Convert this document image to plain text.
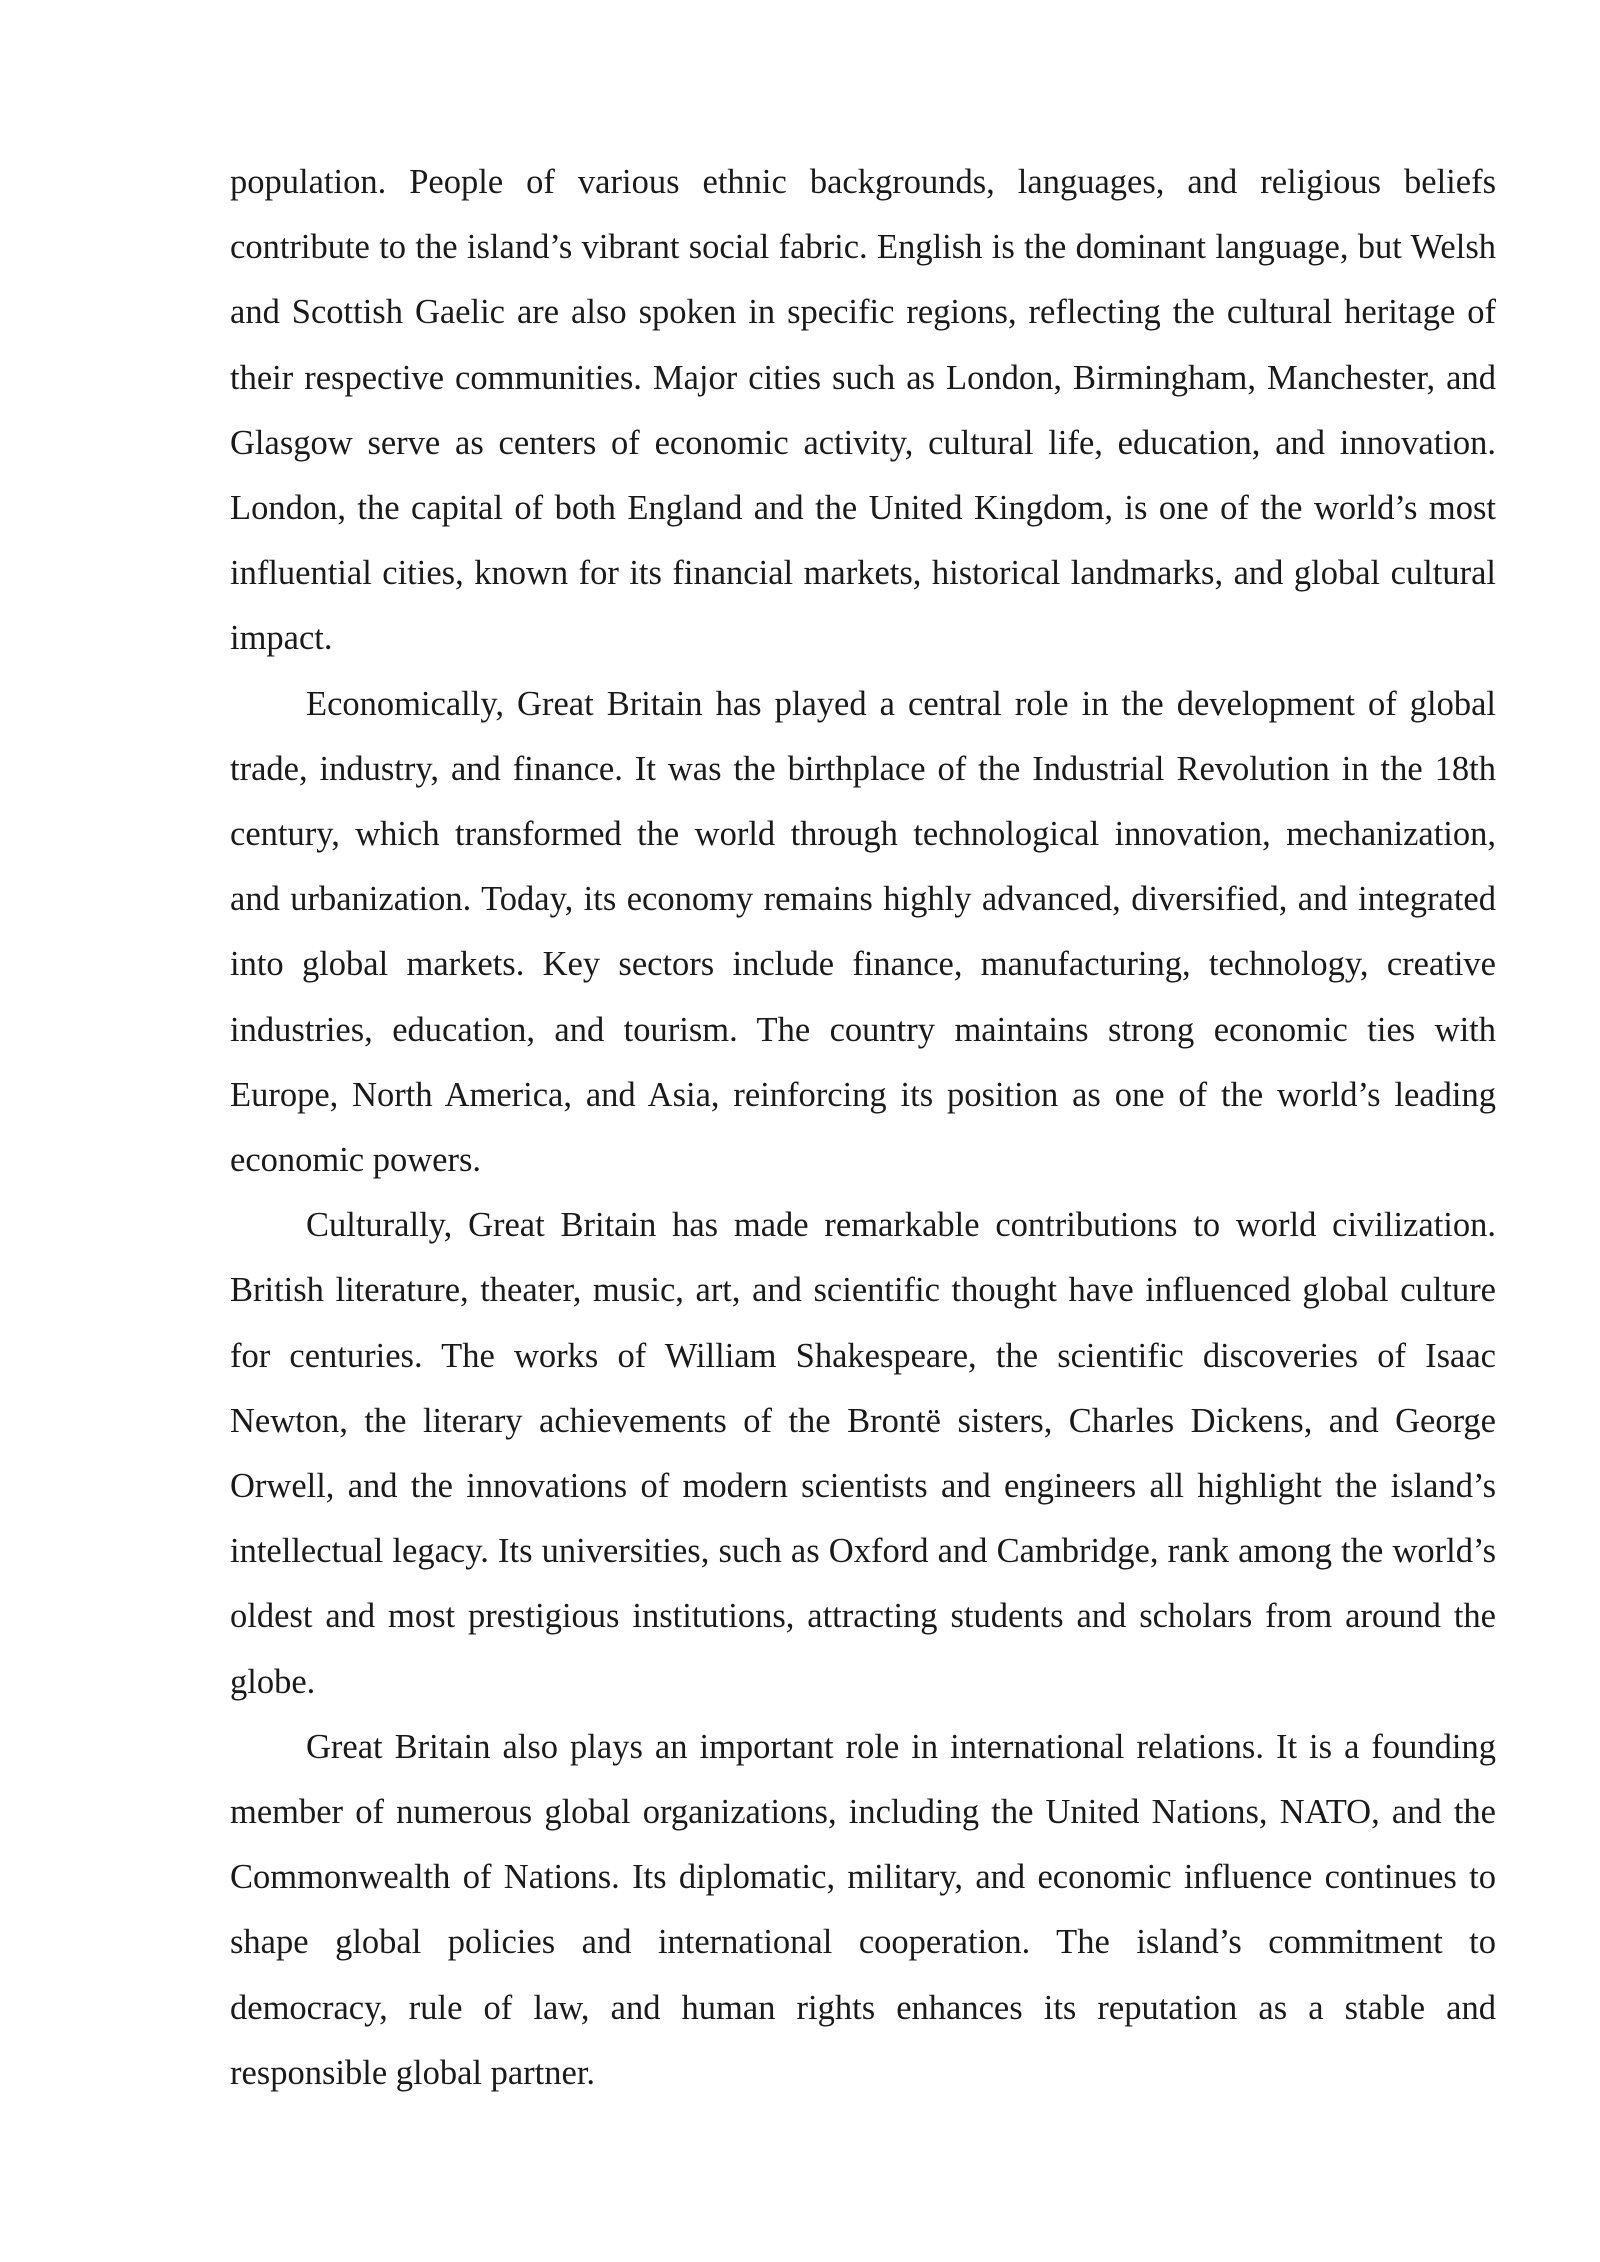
population. People of various ethnic backgrounds, languages, and religious beliefs contribute to the island’s vibrant social fabric. English is the dominant language, but Welsh and Scottish Gaelic are also spoken in specific regions, reflecting the cultural heritage of their respective communities. Major cities such as London, Birmingham, Manchester, and Glasgow serve as centers of economic activity, cultural life, education, and innovation. London, the capital of both England and the United Kingdom, is one of the world’s most influential cities, known for its financial markets, historical landmarks, and global cultural impact.

Economically, Great Britain has played a central role in the development of global trade, industry, and finance. It was the birthplace of the Industrial Revolution in the 18th century, which transformed the world through technological innovation, mechanization, and urbanization. Today, its economy remains highly advanced, diversified, and integrated into global markets. Key sectors include finance, manufacturing, technology, creative industries, education, and tourism. The country maintains strong economic ties with Europe, North America, and Asia, reinforcing its position as one of the world’s leading economic powers.

Culturally, Great Britain has made remarkable contributions to world civilization. British literature, theater, music, art, and scientific thought have influenced global culture for centuries. The works of William Shakespeare, the scientific discoveries of Isaac Newton, the literary achievements of the Brontë sisters, Charles Dickens, and George Orwell, and the innovations of modern scientists and engineers all highlight the island’s intellectual legacy. Its universities, such as Oxford and Cambridge, rank among the world’s oldest and most prestigious institutions, attracting students and scholars from around the globe.

Great Britain also plays an important role in international relations. It is a founding member of numerous global organizations, including the United Nations, NATO, and the Commonwealth of Nations. Its diplomatic, military, and economic influence continues to shape global policies and international cooperation. The island’s commitment to democracy, rule of law, and human rights enhances its reputation as a stable and responsible global partner.
